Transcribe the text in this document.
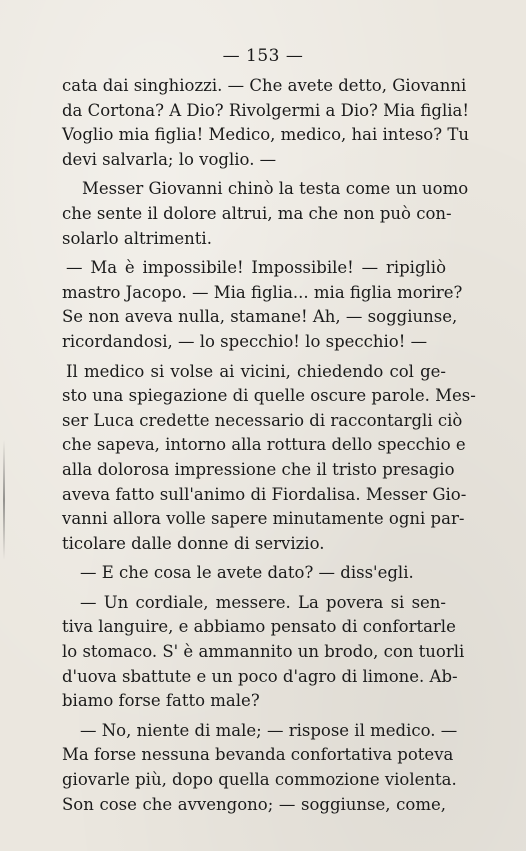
— 153 —
cata dai singhiozzi. — Che avete detto, Giovanni
da Cortona? A Dio? Rivolgermi a Dio? Mia figlia!
Voglio mia figlia! Medico, medico, hai inteso? Tu
devi salvarla; lo voglio. —
Messer Giovanni chinò la testa come un uomo
che sente il dolore altrui, ma che non può con-
solarlo altrimenti.
— Ma è impossibile! Impossibile! — ripigliò
mastro Jacopo. — Mia figlia... mia figlia morire?
Se non aveva nulla, stamane! Ah, — soggiunse,
ricordandosi, — lo specchio! lo specchio! —
Il medico si volse ai vicini, chiedendo col ge-
sto una spiegazione di quelle oscure parole. Mes-
ser Luca credette necessario di raccontargli ciò
che sapeva, intorno alla rottura dello specchio e
alla dolorosa impressione che il tristo presagio
aveva fatto sull'animo di Fiordalisa. Messer Gio-
vanni allora volle sapere minutamente ogni par-
ticolare dalle donne di servizio.
— E che cosa le avete dato? — diss'egli.
— Un cordiale, messere. La povera si sen-
tiva languire, e abbiamo pensato di confortarle
lo stomaco. S' è ammannito un brodo, con tuorli
d'uova sbattute e un poco d'agro di limone. Ab-
biamo forse fatto male?
— No, niente di male; — rispose il medico. —
Ma forse nessuna bevanda confortativa poteva
giovarle più, dopo quella commozione violenta.
Son cose che avvengono; — soggiunse, come,
